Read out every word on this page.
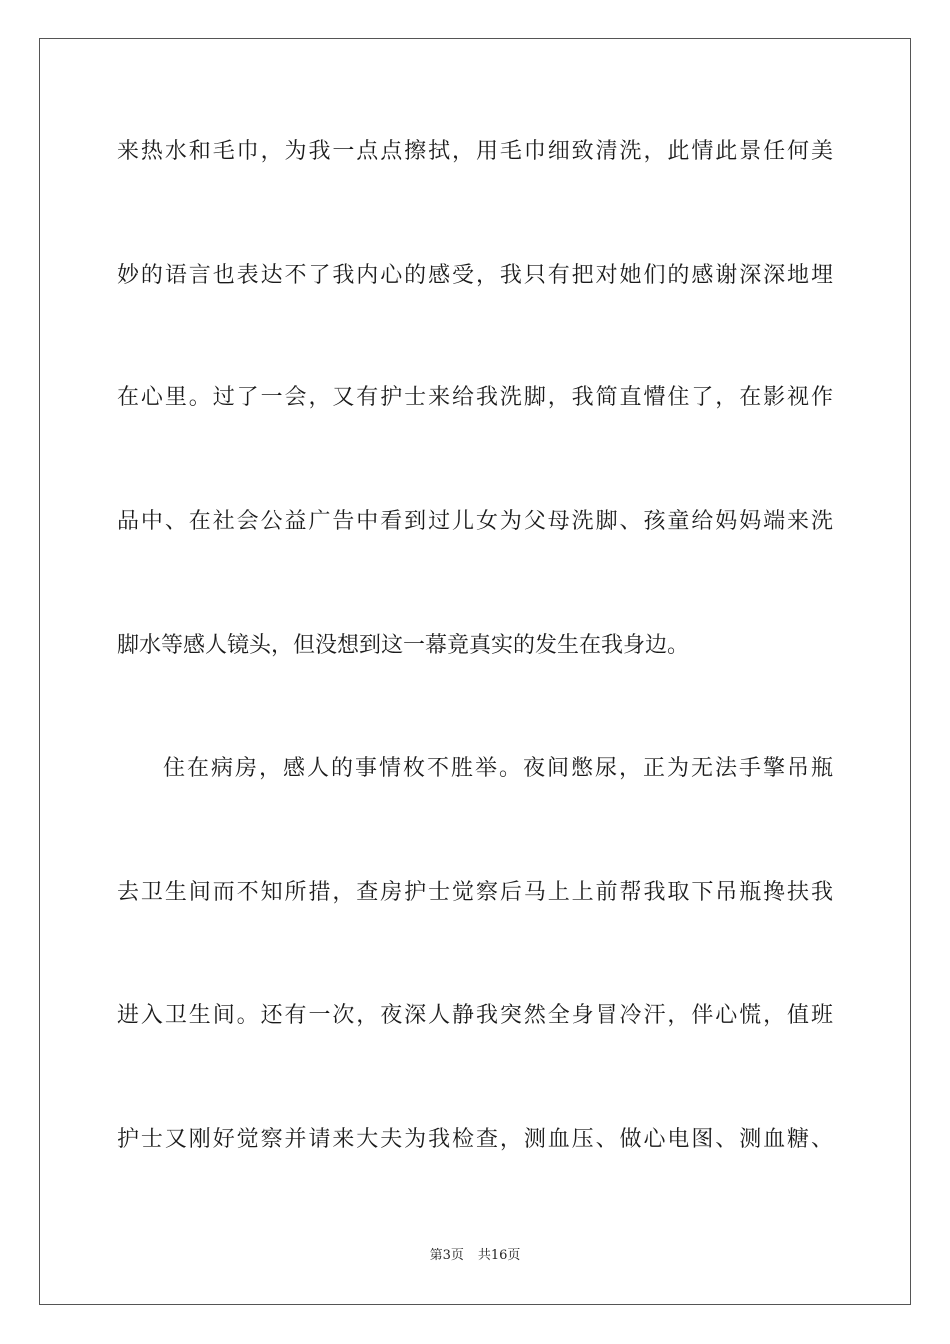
来热水和毛巾，为我一点点擦拭，用毛巾细致清洗，此情此景任何美
妙的语言也表达不了我内心的感受，我只有把对她们的感谢深深地埋
在心里。过了一会，又有护士来给我洗脚，我简直懵住了，在影视作
品中、在社会公益广告中看到过儿女为父母洗脚、孩童给妈妈端来洗
脚水等感人镜头，但没想到这一幕竟真实的发生在我身边。
住在病房，感人的事情枚不胜举。夜间憋尿，正为无法手擎吊瓶
去卫生间而不知所措，查房护士觉察后马上上前帮我取下吊瓶搀扶我
进入卫生间。还有一次，夜深人静我突然全身冒冷汗，伴心慌，值班
护士又刚好觉察并请来大夫为我检查，测血压、做心电图、测血糖、
第3页 共16页
